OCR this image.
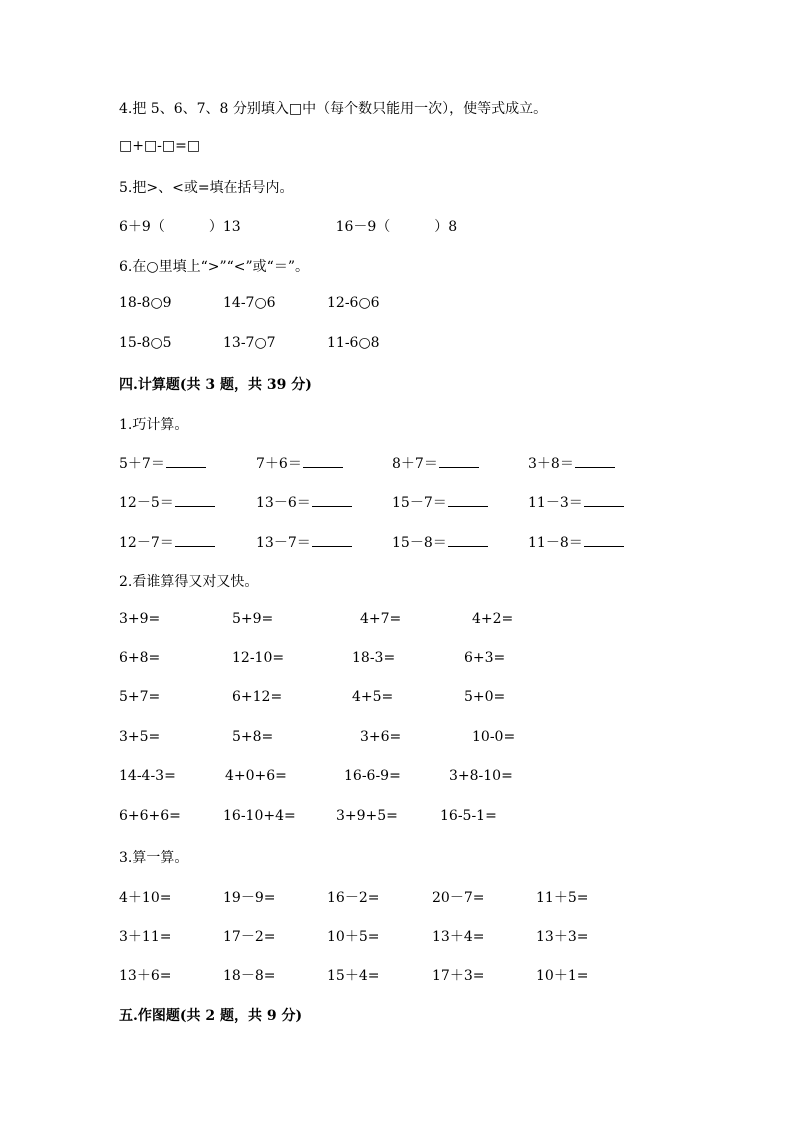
4.把 5、6、7、8 分别填入□中（每个数只能用一次），使等式成立。
□+□-□=□
5.把>、<或=填在括号内。
6＋9（	）13	16－9（	）8
6.在○里填上“>”“<”或“＝”。
18-8○9	14-7○6	12-6○6
15-8○5	13-7○7	11-6○8
四.计算题(共 3 题，共 39 分)
1.巧计算。
5＋7＝	7＋6＝	8＋7＝	3＋8＝
12－5＝	13－6＝	15－7＝	11－3＝
12－7＝	13－7＝	15－8＝	11－8＝
2.看谁算得又对又快。
3+9=	5+9=	4+7=	4+2=
6+8=	12-10=	18-3=	6+3=
5+7=	6+12=	4+5=	5+0=
3+5=	5+8=	3+6=	10-0=
14-4-3=	4+0+6=	16-6-9=	3+8-10=
6+6+6=	16-10+4=	3+9+5=	16-5-1=
3.算一算。
4＋10=	19－9=	16－2=	20－7=	11＋5=
3＋11=	17－2=	10＋5=	13＋4=	13＋3=
13＋6=	18－8=	15＋4=	17＋3=	10＋1=
五.作图题(共 2 题，共 9 分)
